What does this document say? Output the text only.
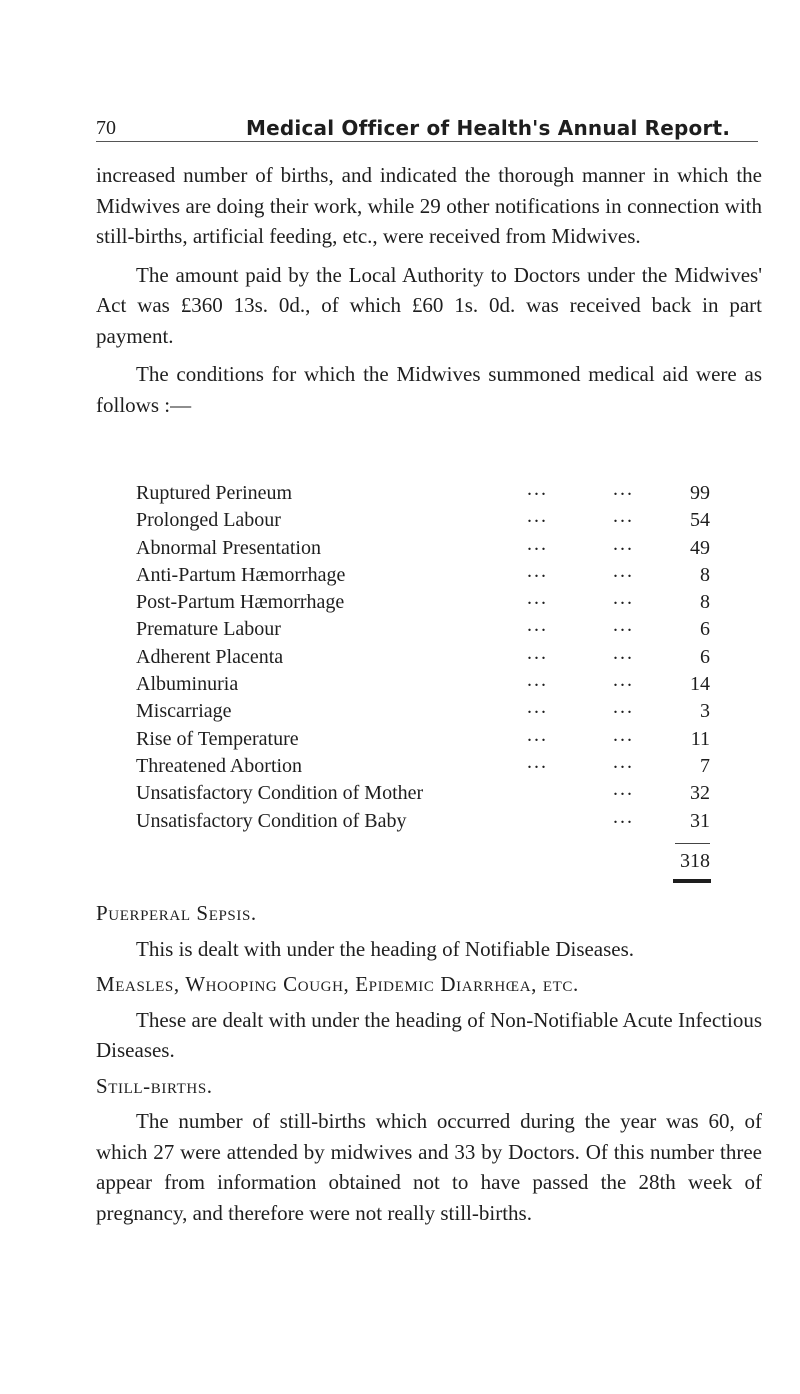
70	Medical Officer of Health's Annual Report.

increased number of births, and indicated the thorough manner in which the Midwives are doing their work, while 29 other notifications in connection with still-births, artificial feeding, etc., were received from Midwives.

The amount paid by the Local Authority to Doctors under the Midwives' Act was £360 13s. 0d., of which £60 1s. 0d. was received back in part payment.

The conditions for which the Midwives summoned medical aid were as follows :—

Ruptured Perineum	...	...	99
Prolonged Labour	...	...	54
Abnormal Presentation	...	...	49
Anti-Partum Hæmorrhage	...	...	8
Post-Partum Hæmorrhage	...	...	8
Premature Labour	...	...	6
Adherent Placenta	...	...	6
Albuminuria	...	...	14
Miscarriage	...	...	3
Rise of Temperature	...	...	11
Threatened Abortion	...	...	7
Unsatisfactory Condition of Mother	...	32
Unsatisfactory Condition of Baby	...	31
318

Puerperal Sepsis.

This is dealt with under the heading of Notifiable Diseases.

Measles, Whooping Cough, Epidemic Diarrhœa, etc.

These are dealt with under the heading of Non-Notifiable Acute Infectious Diseases.

Still-births.

The number of still-births which occurred during the year was 60, of which 27 were attended by midwives and 33 by Doctors. Of this number three appear from information obtained not to have passed the 28th week of pregnancy, and therefore were not really still-births.
